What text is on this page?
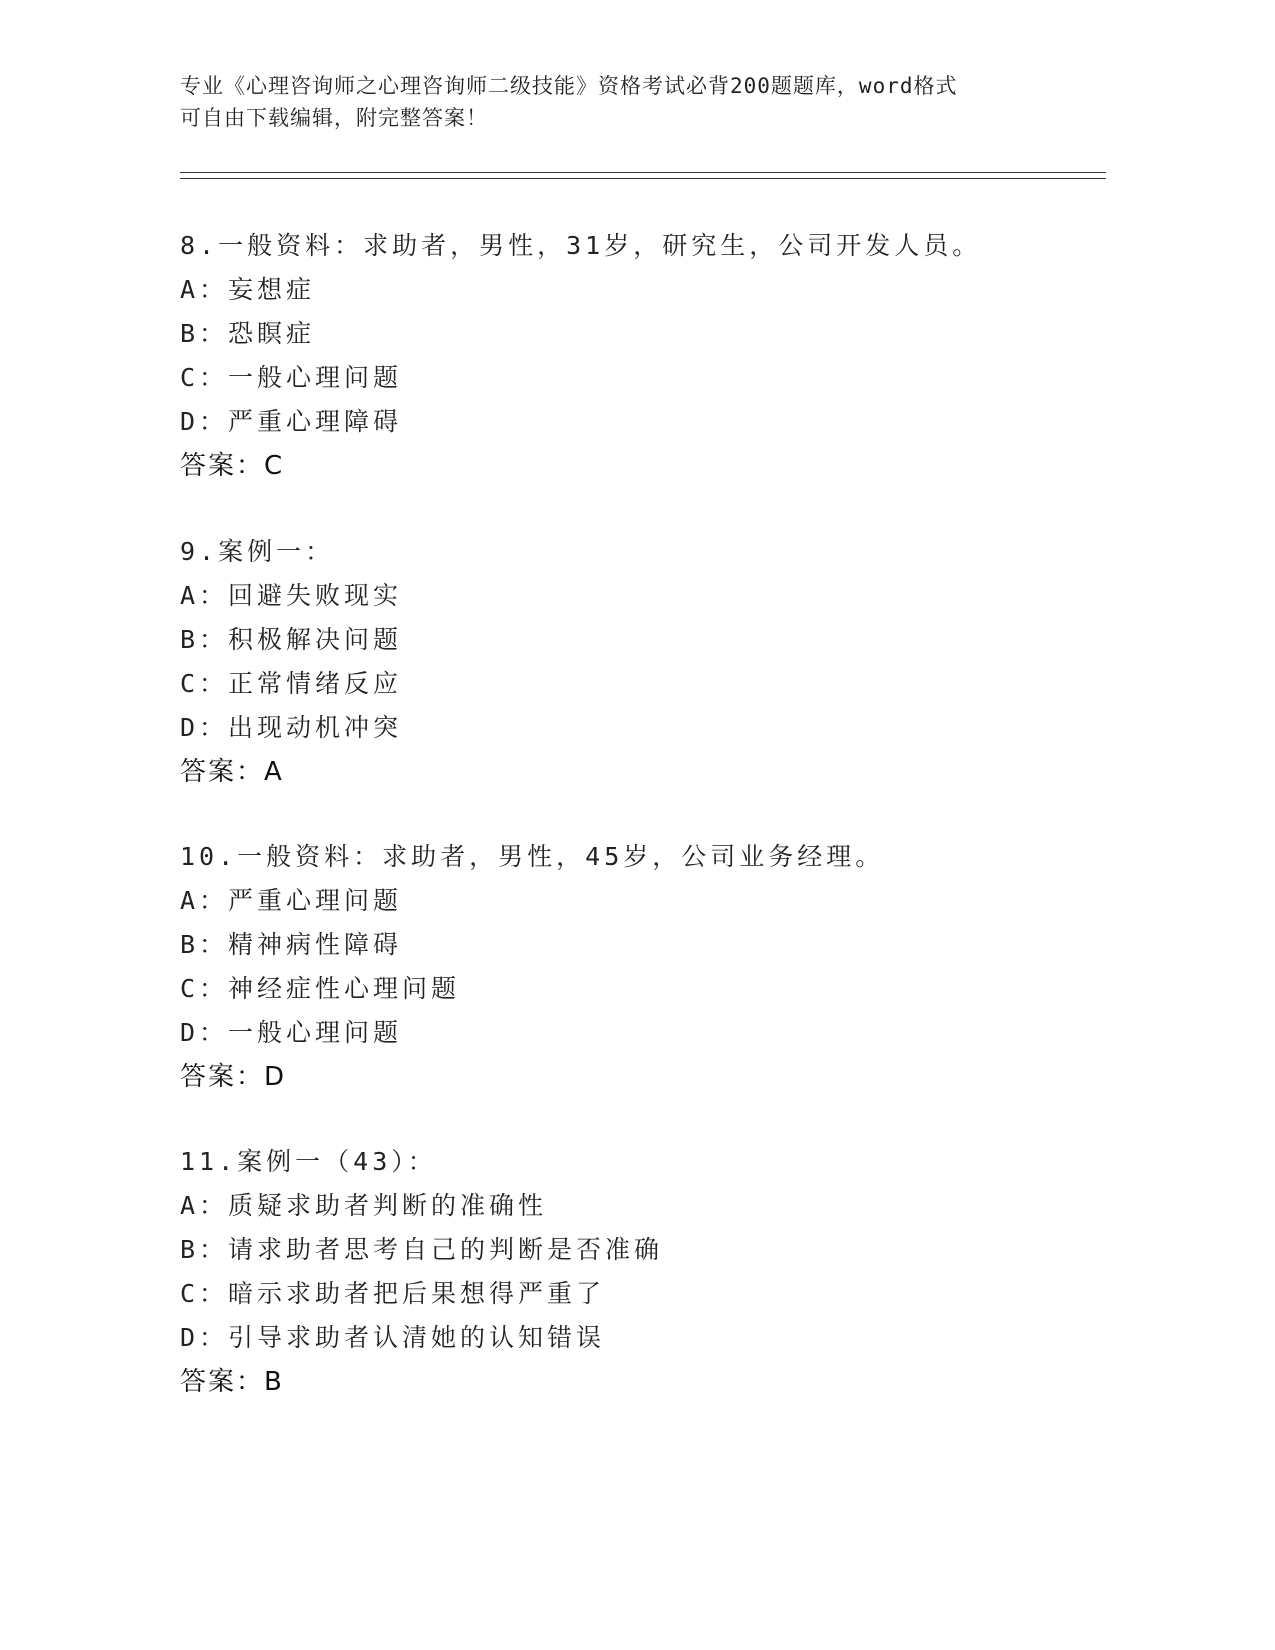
专业《心理咨询师之心理咨询师二级技能》资格考试必背200题题库，word格式
可自由下载编辑，附完整答案！
8.一般资料：求助者，男性，31岁，研究生，公司开发人员。
A：妄想症
B：恐瞑症
C：一般心理问题
D：严重心理障碍
答案：C
9.案例一：
A：回避失败现实
B：积极解决问题
C：正常情绪反应
D：出现动机冲突
答案：A
10.一般资料：求助者，男性，45岁，公司业务经理。
A：严重心理问题
B：精神病性障碍
C：神经症性心理问题
D：一般心理问题
答案：D
11.案例一（43）：
A：质疑求助者判断的准确性
B：请求助者思考自己的判断是否准确
C：暗示求助者把后果想得严重了
D：引导求助者认清她的认知错误
答案：B
